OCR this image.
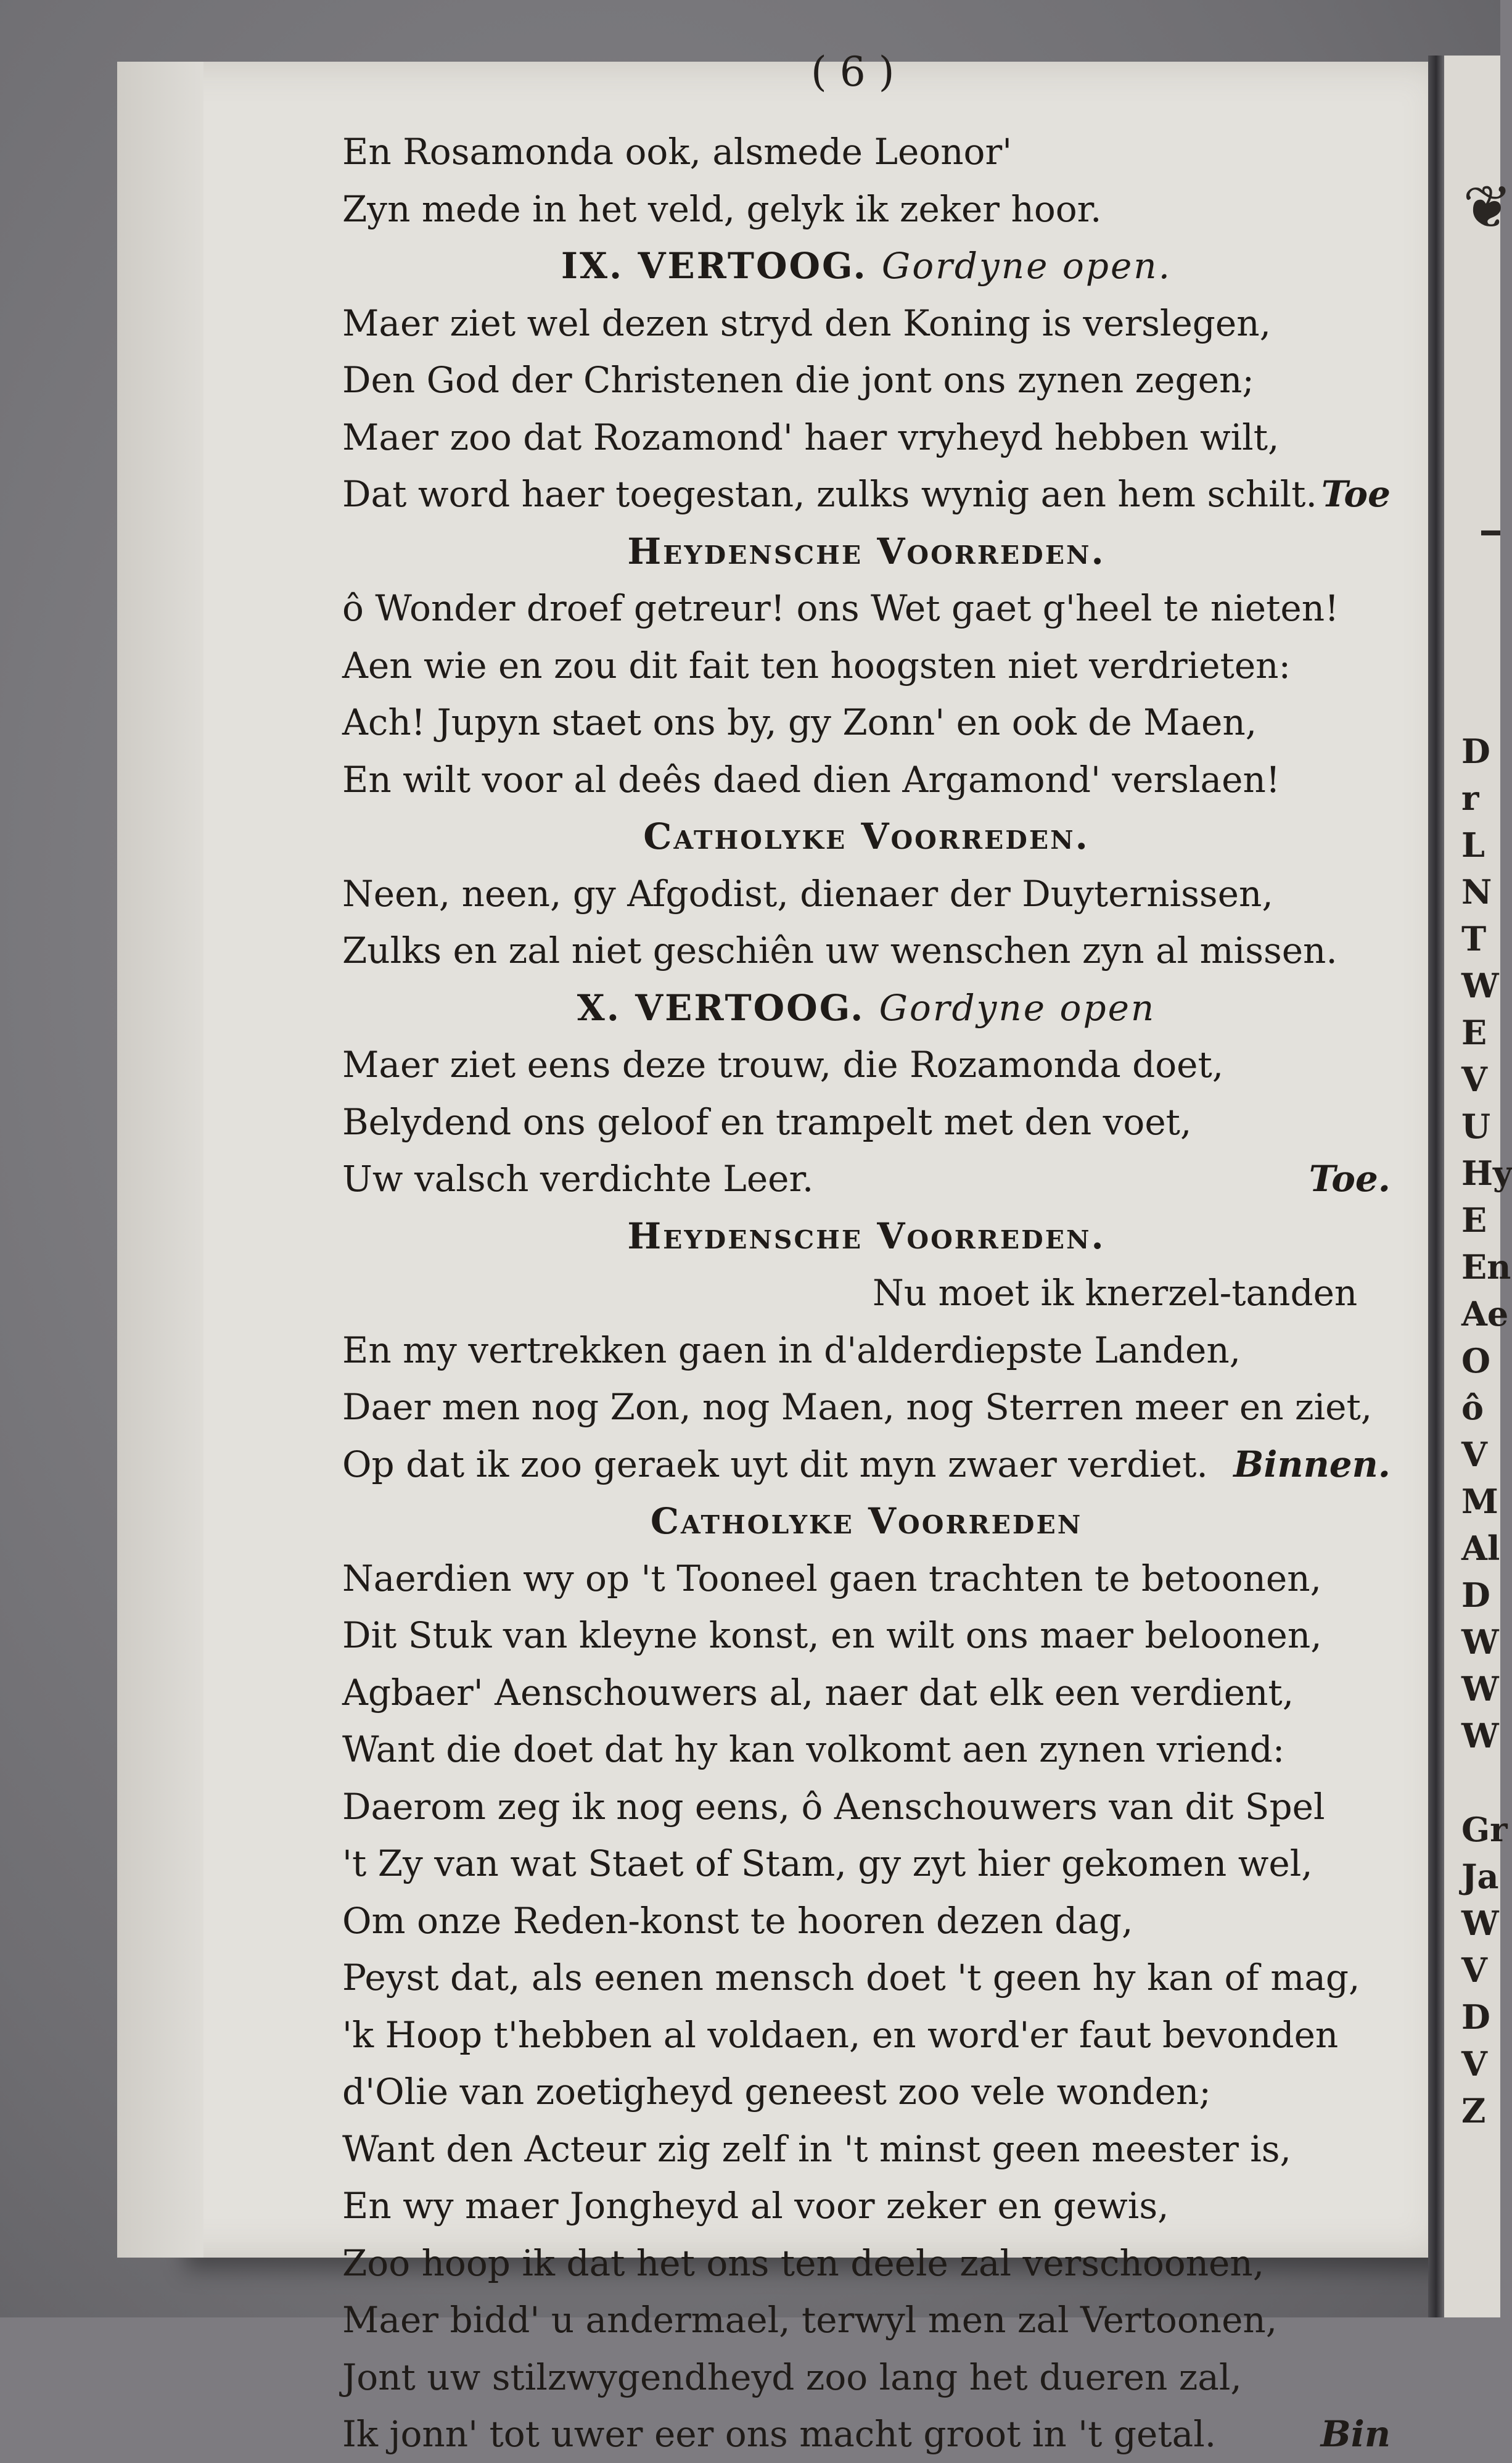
❦
D
r
L
N
T
W
E
V
U
Hy
E
En
Ae
O
ô
V
M
Al
D
W
W
W

Gr
Ja
W
V
D
V
Z
( 6 )
En Rosamonda ook, alsmede Leonor'
Zyn mede in het veld, gelyk ik zeker hoor.
IX. VERTOOG. Gordyne open.
Maer ziet wel dezen stryd den Koning is verslegen,
Den God der Christenen die jont ons zynen zegen;
Maer zoo dat Rozamond' haer vryheyd hebben wilt,
Dat word haer toegestan, zulks wynig aen hem schilt. Toe
Heydensche Voorreden.
ô Wonder droef getreur! ons Wet gaet g'heel te nieten!
Aen wie en zou dit fait ten hoogsten niet verdrieten:
Ach! Jupyn staet ons by, gy Zonn' en ook de Maen,
En wilt voor al deês daed dien Argamond' verslaen!
Catholyke Voorreden.
Neen, neen, gy Afgodist, dienaer der Duyternissen,
Zulks en zal niet geschiên uw wenschen zyn al missen.
X. VERTOOG. Gordyne open
Maer ziet eens deze trouw, die Rozamonda doet,
Belydend ons geloof en trampelt met den voet,
Uw valsch verdichte Leer.	Toe.
Heydensche Voorreden.
Nu moet ik knerzel-tanden
En my vertrekken gaen in d'alderdiepste Landen,
Daer men nog Zon, nog Maen, nog Sterren meer en ziet,
Op dat ik zoo geraek uyt dit myn zwaer verdiet. Binnen.
Catholyke Voorreden
Naerdien wy op 't Tooneel gaen trachten te betoonen,
Dit Stuk van kleyne konst, en wilt ons maer beloonen,
Agbaer' Aenschouwers al, naer dat elk een verdient,
Want die doet dat hy kan volkomt aen zynen vriend:
Daerom zeg ik nog eens, ô Aenschouwers van dit Spel
't Zy van wat Staet of Stam, gy zyt hier gekomen wel,
Om onze Reden-konst te hooren dezen dag,
Peyst dat, als eenen mensch doet 't geen hy kan of mag,
'k Hoop t'hebben al voldaen, en word'er faut bevonden
d'Olie van zoetigheyd geneest zoo vele wonden;
Want den Acteur zig zelf in 't minst geen meester is,
En wy maer Jongheyd al voor zeker en gewis,
Zoo hoop ik dat het ons ten deele zal verschoonen,
Maer bidd' u andermael, terwyl men zal Vertoonen,
Jont uw stilzwygendheyd zoo lang het dueren zal,
Ik jonn' tot uwer eer ons macht groot in 't getal.	Bin
